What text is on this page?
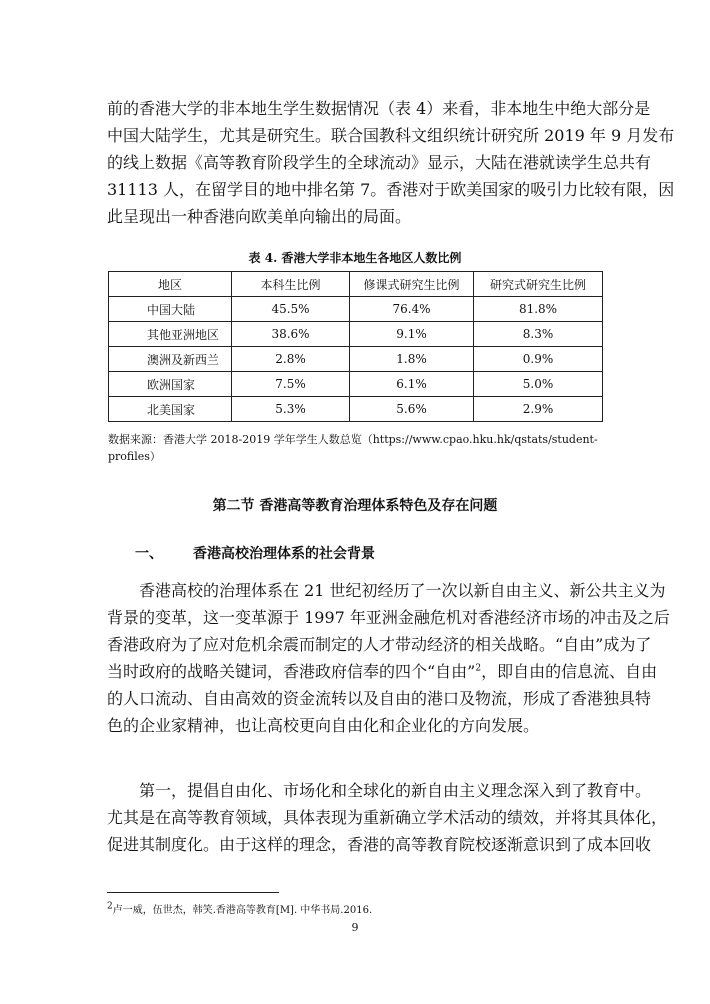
前的香港大学的非本地生学生数据情况（表 4）来看，非本地生中绝大部分是
中国大陆学生，尤其是研究生。联合国教科文组织统计研究所 2019 年 9 月发布
的线上数据《高等教育阶段学生的全球流动》显示，大陆在港就读学生总共有
31113 人，在留学目的地中排名第 7。香港对于欧美国家的吸引力比较有限，因
此呈现出一种香港向欧美单向输出的局面。
表 4. 香港大学非本地生各地区人数比例
地区	本科生比例	修课式研究生比例	研究式研究生比例
中国大陆	45.5%	76.4%	81.8%
其他亚洲地区	38.6%	9.1%	8.3%
澳洲及新西兰	2.8%	1.8%	0.9%
欧洲国家	7.5%	6.1%	5.0%
北美国家	5.3%	5.6%	2.9%
数据来源：香港大学 2018-2019 学年学生人数总览（https://www.cpao.hku.hk/qstats/student-
profiles）
第二节 香港高等教育治理体系特色及存在问题
一、 香港高校治理体系的社会背景
香港高校的治理体系在 21 世纪初经历了一次以新自由主义、新公共主义为
背景的变革，这一变革源于 1997 年亚洲金融危机对香港经济市场的冲击及之后
香港政府为了应对危机余震而制定的人才带动经济的相关战略。“自由”成为了
当时政府的战略关键词，香港政府信奉的四个“自由”$^2$，即自由的信息流、自由
的人口流动、自由高效的资金流转以及自由的港口及物流，形成了香港独具特
色的企业家精神，也让高校更向自由化和企业化的方向发展。
第一，提倡自由化、市场化和全球化的新自由主义理念深入到了教育中。
尤其是在高等教育领域，具体表现为重新确立学术活动的绩效，并将其具体化，
促进其制度化。由于这样的理念，香港的高等教育院校逐渐意识到了成本回收
$^2$卢一威，伍世杰，韩笑.香港高等教育[M]. 中华书局.2016.
9
